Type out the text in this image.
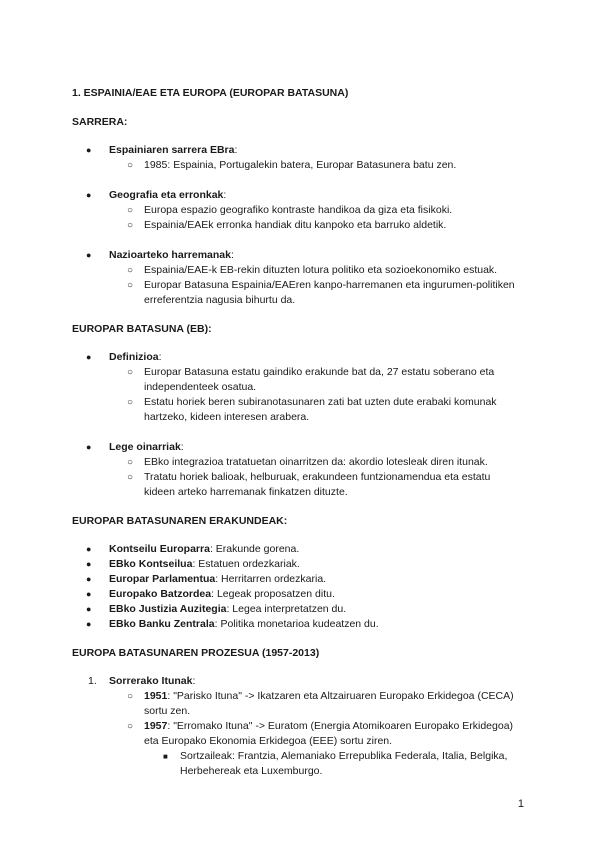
1. ESPAINIA/EAE ETA EUROPA (EUROPAR BATASUNA)

SARRERA:

● Espainiaren sarrera EBra:
○ 1985: Espainia, Portugalekin batera, Europar Batasunera batu zen.
● Geografia eta erronkak:
○ Europa espazio geografiko kontraste handikoa da giza eta fisikoki.
○ Espainia/EAEk erronka handiak ditu kanpoko eta barruko aldetik.
● Nazioarteko harremanak:
○ Espainia/EAE-k EB-rekin dituzten lotura politiko eta sozioekonomiko estuak.
○ Europar Batasuna Espainia/EAEren kanpo-harremanen eta ingurumen-politiken erreferentzia nagusia bihurtu da.

EUROPAR BATASUNA (EB):

● Definizioa:
○ Europar Batasuna estatu gaindiko erakunde bat da, 27 estatu soberano eta independenteek osatua.
○ Estatu horiek beren subiranotasunaren zati bat uzten dute erabaki komunak hartzeko, kideen interesen arabera.
● Lege oinarriak:
○ EBko integrazioa tratatuetan oinarritzen da: akordio lotesleak diren itunak.
○ Tratatu horiek balioak, helburuak, erakundeen funtzionamendua eta estatu kideen arteko harremanak finkatzen dituzte.

EUROPAR BATASUNAREN ERAKUNDEAK:

● Kontseilu Europarra: Erakunde gorena.
● EBko Kontseilua: Estatuen ordezkariak.
● Europar Parlamentua: Herritarren ordezkaria.
● Europako Batzordea: Legeak proposatzen ditu.
● EBko Justizia Auzitegia: Legea interpretatzen du.
● EBko Banku Zentrala: Politika monetarioa kudeatzen du.

EUROPA BATASUNAREN PROZESUA (1957-2013)

1. Sorrerako Itunak:
○ 1951: "Parisko Ituna" -> Ikatzaren eta Altzairuaren Europako Erkidegoa (CECA) sortu zen.
○ 1957: "Erromako Ituna" -> Euratom (Energia Atomikoaren Europako Erkidegoa) eta Europako Ekonomia Erkidegoa (EEE) sortu ziren.
■ Sortzaileak: Frantzia, Alemaniako Errepublika Federala, Italia, Belgika, Herbehereak eta Luxemburgo.
1
